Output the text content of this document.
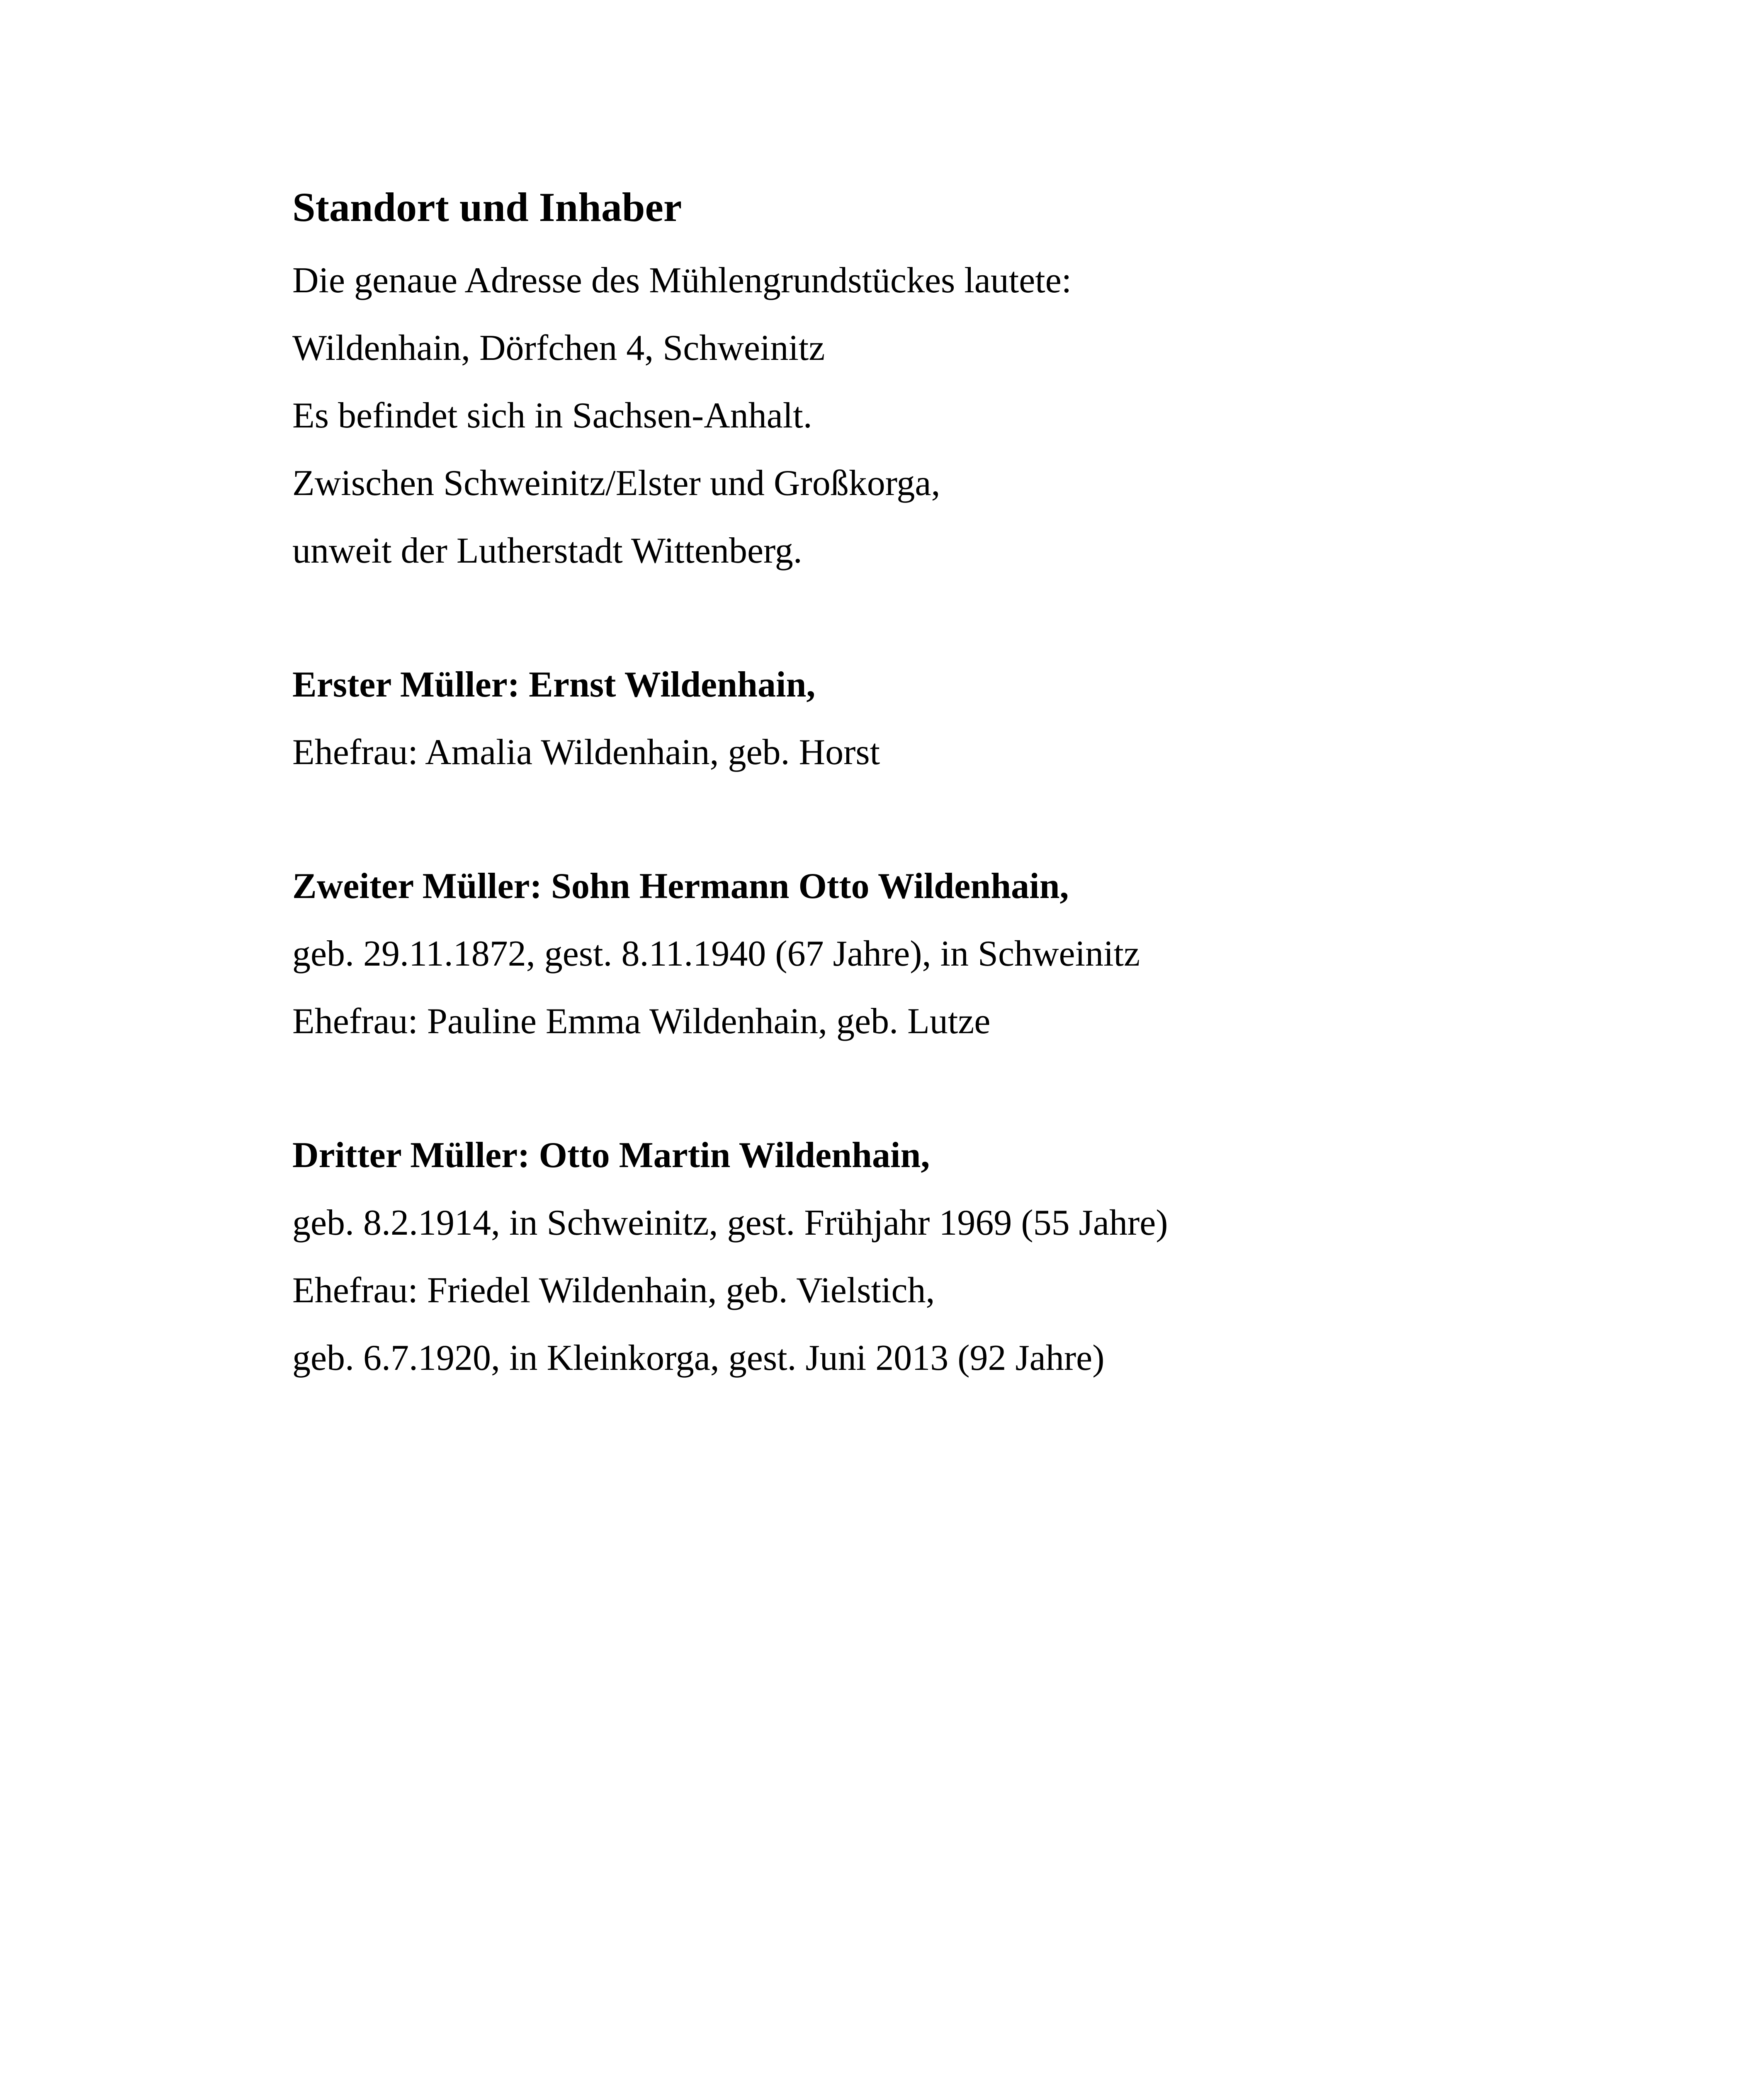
Standort und Inhaber
Die genaue Adresse des Mühlengrundstückes lautete:
Wildenhain, Dörfchen 4, Schweinitz
Es befindet sich in Sachsen-Anhalt.
Zwischen Schweinitz/Elster und Großkorga,
unweit der Lutherstadt Wittenberg.
Erster Müller: Ernst Wildenhain,
Ehefrau: Amalia Wildenhain, geb. Horst
Zweiter Müller: Sohn Hermann Otto Wildenhain,
geb. 29.11.1872, gest. 8.11.1940 (67 Jahre), in Schweinitz
Ehefrau: Pauline Emma Wildenhain, geb. Lutze
Dritter Müller: Otto Martin Wildenhain,
geb. 8.2.1914, in Schweinitz, gest. Frühjahr 1969 (55 Jahre)
Ehefrau: Friedel Wildenhain, geb. Vielstich,
geb. 6.7.1920, in Kleinkorga, gest. Juni 2013 (92 Jahre)
